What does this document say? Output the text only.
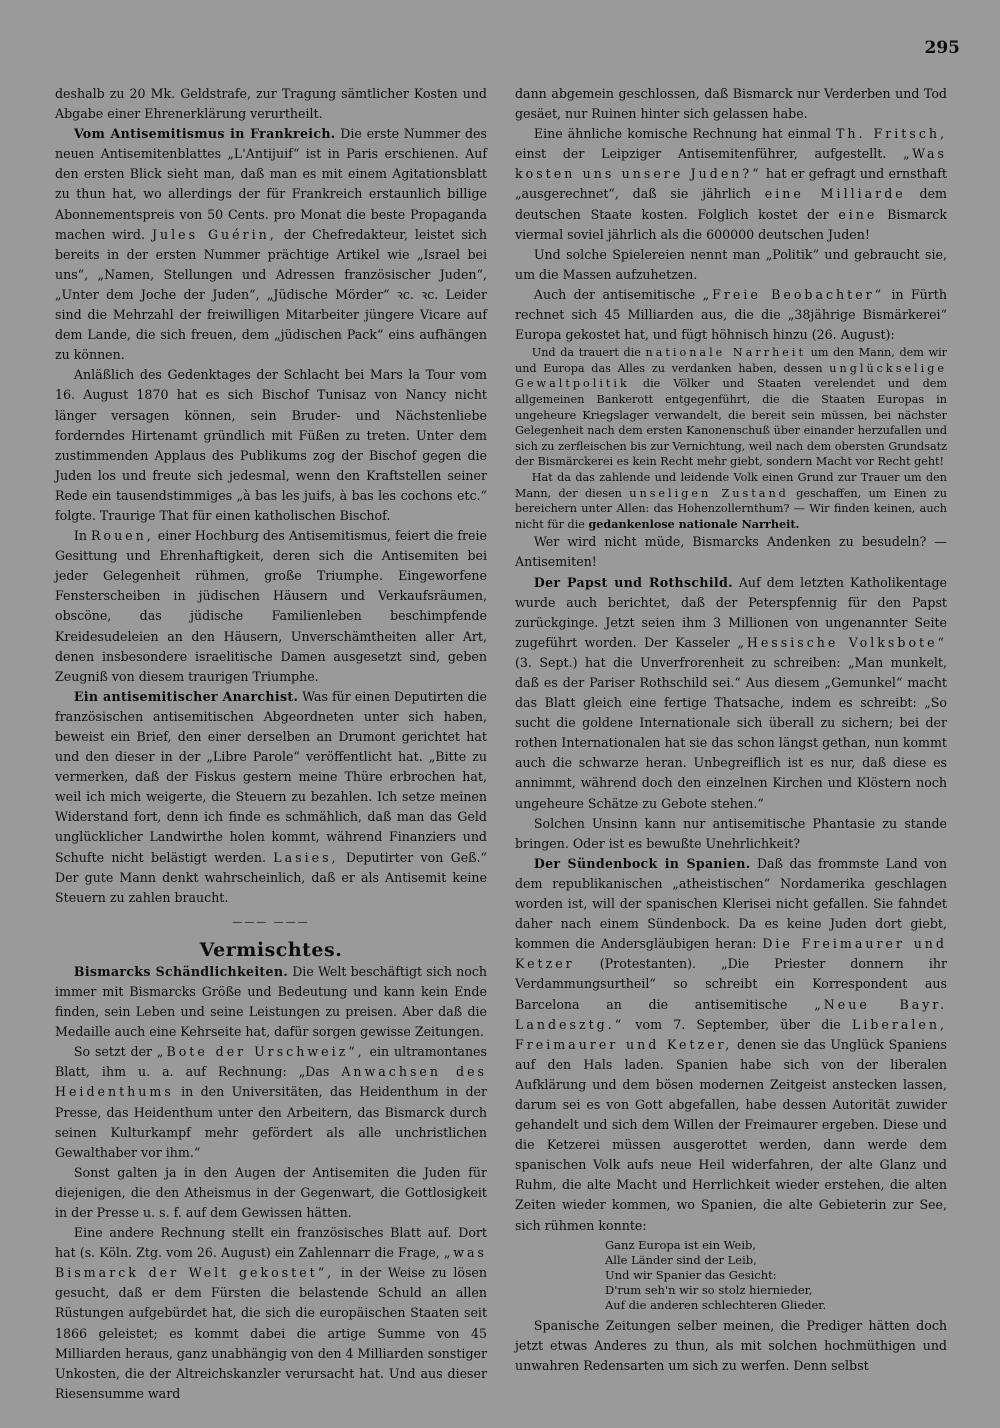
295

deshalb zu 20 Mk. Geldstrafe, zur Tragung sämtlicher Kosten und Abgabe einer Ehrenerklärung verurtheilt.

Vom Antisemitismus in Frankreich. Die erste Nummer des neuen Antisemitenblattes „L'Antijuif“ ist in Paris erschienen. Auf den ersten Blick sieht man, daß man es mit einem Agitationsblatt zu thun hat, wo allerdings der für Frankreich erstaunlich billige Abonnementspreis von 50 Cents. pro Monat die beste Propaganda machen wird. Jules Guérin, der Chefredakteur, leistet sich bereits in der ersten Nummer prächtige Artikel wie „Israel bei uns“, „Namen, Stellungen und Adressen französischer Juden“, „Unter dem Joche der Juden“, „Jüdische Mörder“ ꝛc. ꝛc. Leider sind die Mehrzahl der freiwilligen Mitarbeiter jüngere Vicare auf dem Lande, die sich freuen, dem „jüdischen Pack“ eins aufhängen zu können.

Anläßlich des Gedenktages der Schlacht bei Mars la Tour vom 16. August 1870 hat es sich Bischof Tunisaz von Nancy nicht länger versagen können, sein Bruder- und Nächstenliebe forderndes Hirtenamt gründlich mit Füßen zu treten. Unter dem zustimmenden Applaus des Publikums zog der Bischof gegen die Juden los und freute sich jedesmal, wenn den Kraftstellen seiner Rede ein tausendstimmiges „à bas les juifs, à bas les cochons etc.“ folgte. Traurige That für einen katholischen Bischof.

In Rouen, einer Hochburg des Antisemitismus, feiert die freie Gesittung und Ehrenhaftigkeit, deren sich die Antisemiten bei jeder Gelegenheit rühmen, große Triumphe. Eingeworfene Fensterscheiben in jüdischen Häusern und Verkaufsräumen, obscöne, das jüdische Familienleben beschimpfende Kreidesudeleien an den Häusern, Unverschämtheiten aller Art, denen insbesondere israelitische Damen ausgesetzt sind, geben Zeugniß von diesem traurigen Triumphe.

Ein antisemitischer Anarchist. Was für einen Deputirten die französischen antisemitischen Abgeordneten unter sich haben, beweist ein Brief, den einer derselben an Drumont gerichtet hat und den dieser in der „Libre Parole“ veröffentlicht hat. „Bitte zu vermerken, daß der Fiskus gestern meine Thüre erbrochen hat, weil ich mich weigerte, die Steuern zu bezahlen. Ich setze meinen Widerstand fort, denn ich finde es schmählich, daß man das Geld unglücklicher Landwirthe holen kommt, während Finanziers und Schufte nicht belästigt werden. Lasies, Deputirter von Geß.“ Der gute Mann denkt wahrscheinlich, daß er als Antisemit keine Steuern zu zahlen braucht.

——— ———
Vermischtes.

Bismarcks Schändlichkeiten. Die Welt beschäftigt sich noch immer mit Bismarcks Größe und Bedeutung und kann kein Ende finden, sein Leben und seine Leistungen zu preisen. Aber daß die Medaille auch eine Kehrseite hat, dafür sorgen gewisse Zeitungen.

So setzt der „Bote der Urschweiz“, ein ultramontanes Blatt, ihm u. a. auf Rechnung: „Das Anwachsen des Heidenthums in den Universitäten, das Heidenthum in der Presse, das Heidenthum unter den Arbeitern, das Bismarck durch seinen Kulturkampf mehr gefördert als alle unchristlichen Gewalthaber vor ihm.“

Sonst galten ja in den Augen der Antisemiten die Juden für diejenigen, die den Atheismus in der Gegenwart, die Gottlosigkeit in der Presse u. s. f. auf dem Gewissen hätten.

Eine andere Rechnung stellt ein französisches Blatt auf. Dort hat (s. Köln. Ztg. vom 26. August) ein Zahlennarr die Frage, „was Bismarck der Welt gekostet“, in der Weise zu lösen gesucht, daß er dem Fürsten die belastende Schuld an allen Rüstungen aufgebürdet hat, die sich die europäischen Staaten seit 1866 geleistet; es kommt dabei die artige Summe von 45 Milliarden heraus, ganz unabhängig von den 4 Milliarden sonstiger Unkosten, die der Altreichskanzler verursacht hat. Und aus dieser Riesensumme ward

dann abgemein geschlossen, daß Bismarck nur Verderben und Tod gesäet, nur Ruinen hinter sich gelassen habe.

Eine ähnliche komische Rechnung hat einmal Th. Fritsch, einst der Leipziger Antisemitenführer, aufgestellt. „Was kosten uns unsere Juden?“ hat er gefragt und ernsthaft „ausgerechnet“, daß sie jährlich eine Milliarde dem deutschen Staate kosten. Folglich kostet der eine Bismarck viermal soviel jährlich als die 600000 deutschen Juden!

Und solche Spielereien nennt man „Politik“ und gebraucht sie, um die Massen aufzuhetzen.

Auch der antisemitische „Freie Beobachter“ in Fürth rechnet sich 45 Milliarden aus, die die „38jährige Bismärkerei“ Europa gekostet hat, und fügt höhnisch hinzu (26. August):

Und da trauert die nationale Narrheit um den Mann, dem wir und Europa das Alles zu verdanken haben, dessen unglückselige Gewaltpolitik die Völker und Staaten verelendet und dem allgemeinen Bankerott entgegenführt, die die Staaten Europas in ungeheure Kriegslager verwandelt, die bereit sein müssen, bei nächster Gelegenheit nach dem ersten Kanonenschuß über einander herzufallen und sich zu zerfleischen bis zur Vernichtung, weil nach dem obersten Grundsatz der Bismärckerei es kein Recht mehr giebt, sondern Macht vor Recht geht!

Hat da das zahlende und leidende Volk einen Grund zur Trauer um den Mann, der diesen unseligen Zustand geschaffen, um Einen zu bereichern unter Allen: das Hohenzollernthum? — Wir finden keinen, auch nicht für die gedankenlose nationale Narrheit.

Wer wird nicht müde, Bismarcks Andenken zu besudeln? — Antisemiten!

Der Papst und Rothschild. Auf dem letzten Katholikentage wurde auch berichtet, daß der Peterspfennig für den Papst zurückginge. Jetzt seien ihm 3 Millionen von ungenannter Seite zugeführt worden. Der Kasseler „Hessische Volksbote“ (3. Sept.) hat die Unverfrorenheit zu schreiben: „Man munkelt, daß es der Pariser Rothschild sei.“ Aus diesem „Gemunkel“ macht das Blatt gleich eine fertige Thatsache, indem es schreibt: „So sucht die goldene Internationale sich überall zu sichern; bei der rothen Internationalen hat sie das schon längst gethan, nun kommt auch die schwarze heran. Unbegreiflich ist es nur, daß diese es annimmt, während doch den einzelnen Kirchen und Klöstern noch ungeheure Schätze zu Gebote stehen.“

Solchen Unsinn kann nur antisemitische Phantasie zu stande bringen. Oder ist es bewußte Unehrlichkeit?

Der Sündenbock in Spanien. Daß das frommste Land von dem republikanischen „atheistischen“ Nordamerika geschlagen worden ist, will der spanischen Klerisei nicht gefallen. Sie fahndet daher nach einem Sündenbock. Da es keine Juden dort giebt, kommen die Andersgläubigen heran: Die Freimaurer und Ketzer (Protestanten). „Die Priester donnern ihr Verdammungsurtheil“ so schreibt ein Korrespondent aus Barcelona an die antisemitische „Neue Bayr. Landesztg.“ vom 7. September, über die Liberalen, Freimaurer und Ketzer, denen sie das Unglück Spaniens auf den Hals laden. Spanien habe sich von der liberalen Aufklärung und dem bösen modernen Zeitgeist anstecken lassen, darum sei es von Gott abgefallen, habe dessen Autorität zuwider gehandelt und sich dem Willen der Freimaurer ergeben. Diese und die Ketzerei müssen ausgerottet werden, dann werde dem spanischen Volk aufs neue Heil widerfahren, der alte Glanz und Ruhm, die alte Macht und Herrlichkeit wieder erstehen, die alten Zeiten wieder kommen, wo Spanien, die alte Gebieterin zur See, sich rühmen konnte:

Ganz Europa ist ein Weib,
Alle Länder sind der Leib,
Und wir Spanier das Gesicht:
D'rum seh'n wir so stolz hiernieder,
Auf die anderen schlechteren Glieder.

Spanische Zeitungen selber meinen, die Prediger hätten doch jetzt etwas Anderes zu thun, als mit solchen hochmüthigen und unwahren Redensarten um sich zu werfen. Denn selbst
